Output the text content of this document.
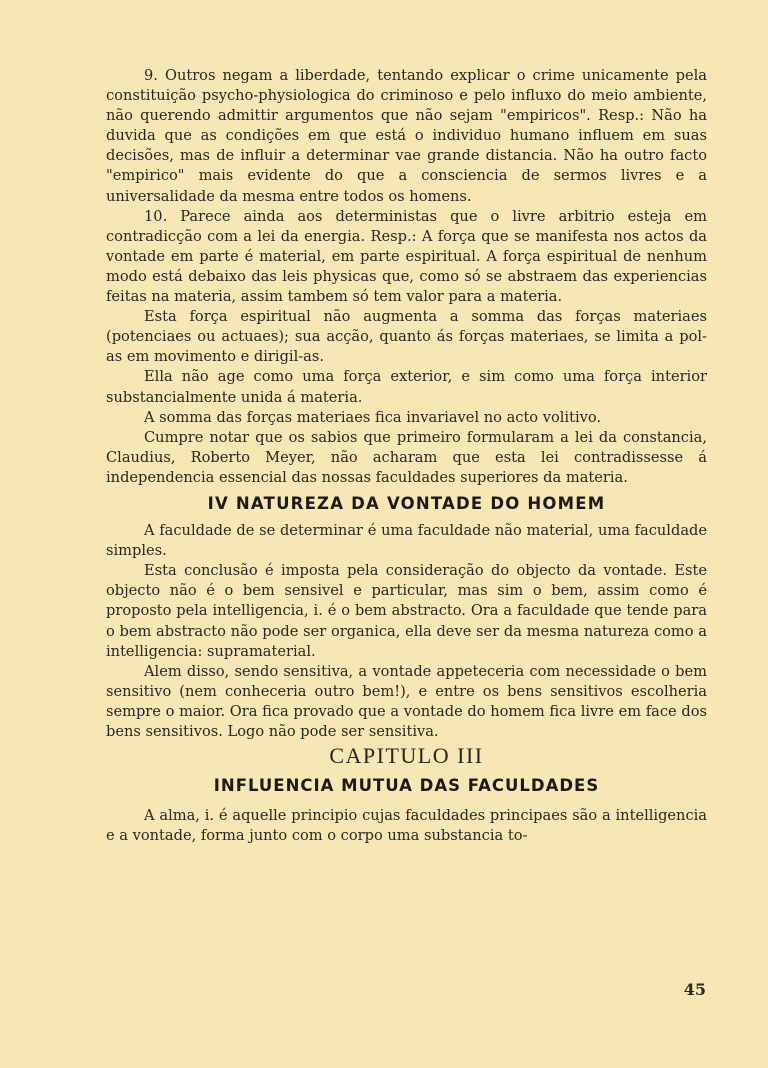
9. Outros negam a liberdade, tentando explicar o crime unicamente pela constituição psycho-physiologica do criminoso e pelo influxo do meio ambiente, não querendo admittir argumentos que não sejam "empiricos". Resp.: Não ha duvida que as condições em que está o individuo humano influem em suas decisões, mas de influir a determinar vae grande distancia. Não ha outro facto "empirico" mais evidente do que a consciencia de sermos livres e a universalidade da mesma entre todos os homens.

10. Parece ainda aos deterministas que o livre arbitrio esteja em contradicção com a lei da energia. Resp.: A força que se manifesta nos actos da vontade em parte é material, em parte espiritual. A força espiritual de nenhum modo está debaixo das leis physicas que, como só se abstraem das experiencias feitas na materia, assim tambem só tem valor para a materia.

Esta força espiritual não augmenta a somma das forças materiaes (potenciaes ou actuaes); sua acção, quanto ás forças materiaes, se limita a pol-as em movimento e dirigil-as.

Ella não age como uma força exterior, e sim como uma força interior substancialmente unida á materia.

A somma das forças materiaes fica invariavel no acto volitivo.

Cumpre notar que os sabios que primeiro formularam a lei da constancia, Claudius, Roberto Meyer, não acharam que esta lei contradissesse á independencia essencial das nossas faculdades superiores da materia.

IV NATUREZA DA VONTADE DO HOMEM

A faculdade de se determinar é uma faculdade não material, uma faculdade simples.

Esta conclusão é imposta pela consideração do objecto da vontade. Este objecto não é o bem sensivel e particular, mas sim o bem, assim como é proposto pela intelligencia, i. é o bem abstracto. Ora a faculdade que tende para o bem abstracto não pode ser organica, ella deve ser da mesma natureza como a intelligencia: supramaterial.

Alem disso, sendo sensitiva, a vontade appeteceria com necessidade o bem sensitivo (nem conheceria outro bem!), e entre os bens sensitivos escolheria sempre o maior. Ora fica provado que a vontade do homem fica livre em face dos bens sensitivos. Logo não pode ser sensitiva.

CAPITULO III
INFLUENCIA MUTUA DAS FACULDADES

A alma, i. é aquelle principio cujas faculdades principaes são a intelligencia e a vontade, forma junto com o corpo uma substancia to-

45
